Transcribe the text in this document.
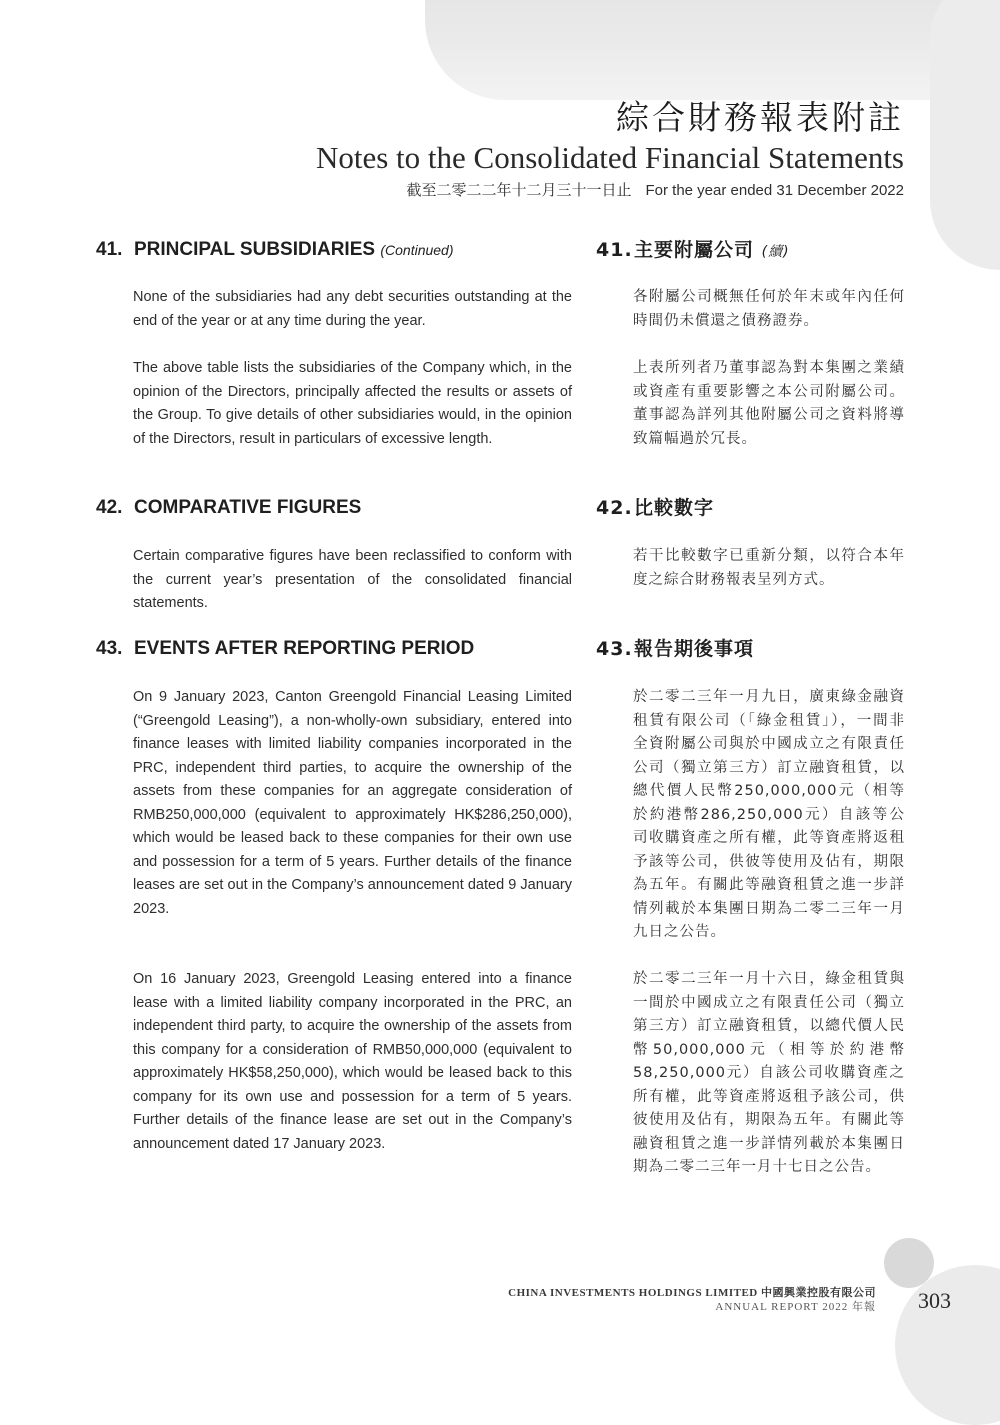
綜合財務報表附註
Notes to the Consolidated Financial Statements
截至二零二二年十二月三十一日止 For the year ended 31 December 2022
41. PRINCIPAL SUBSIDIARIES (Continued)	41.主要附屬公司 (續)

None of the subsidiaries had any debt securities outstanding at the end of the year or at any time during the year.

The above table lists the subsidiaries of the Company which, in the opinion of the Directors, principally affected the results or assets of the Group. To give details of other subsidiaries would, in the opinion of the Directors, result in particulars of excessive length.

各附屬公司概無任何於年末或年內任何時間仍未償還之債務證券。

上表所列者乃董事認為對本集團之業績或資產有重要影響之本公司附屬公司。董事認為詳列其他附屬公司之資料將導致篇幅過於冗長。

42. COMPARATIVE FIGURES	42.比較數字

Certain comparative figures have been reclassified to conform with the current year’s presentation of the consolidated financial statements.

若干比較數字已重新分類，以符合本年度之綜合財務報表呈列方式。

43. EVENTS AFTER REPORTING PERIOD	43.報告期後事項

On 9 January 2023, Canton Greengold Financial Leasing Limited (“Greengold Leasing”), a non-wholly-own subsidiary, entered into finance leases with limited liability companies incorporated in the PRC, independent third parties, to acquire the ownership of the assets from these companies for an aggregate consideration of RMB250,000,000 (equivalent to approximately HK$286,250,000), which would be leased back to these companies for their own use and possession for a term of 5 years. Further details of the finance leases are set out in the Company’s announcement dated 9 January 2023.

On 16 January 2023, Greengold Leasing entered into a finance lease with a limited liability company incorporated in the PRC, an independent third party, to acquire the ownership of the assets from this company for a consideration of RMB50,000,000 (equivalent to approximately HK$58,250,000), which would be leased back to this company for its own use and possession for a term of 5 years. Further details of the finance lease are set out in the Company’s announcement dated 17 January 2023.

於二零二三年一月九日，廣東綠金融資租賃有限公司（「綠金租賃」），一間非全資附屬公司與於中國成立之有限責任公司（獨立第三方）訂立融資租賃，以總代價人民幣250,000,000元（相等於約港幣286,250,000元）自該等公司收購資產之所有權，此等資產將返租予該等公司，供彼等使用及佔有，期限為五年。有關此等融資租賃之進一步詳情列載於本集團日期為二零二三年一月九日之公告。

於二零二三年一月十六日，綠金租賃與一間於中國成立之有限責任公司（獨立第三方）訂立融資租賃，以總代價人民幣50,000,000元（相等於約港幣58,250,000元）自該公司收購資產之所有權，此等資產將返租予該公司，供彼使用及佔有，期限為五年。有關此等融資租賃之進一步詳情列載於本集團日期為二零二三年一月十七日之公告。

CHINA INVESTMENTS HOLDINGS LIMITED 中國興業控股有限公司
ANNUAL REPORT 2022 年報 303
